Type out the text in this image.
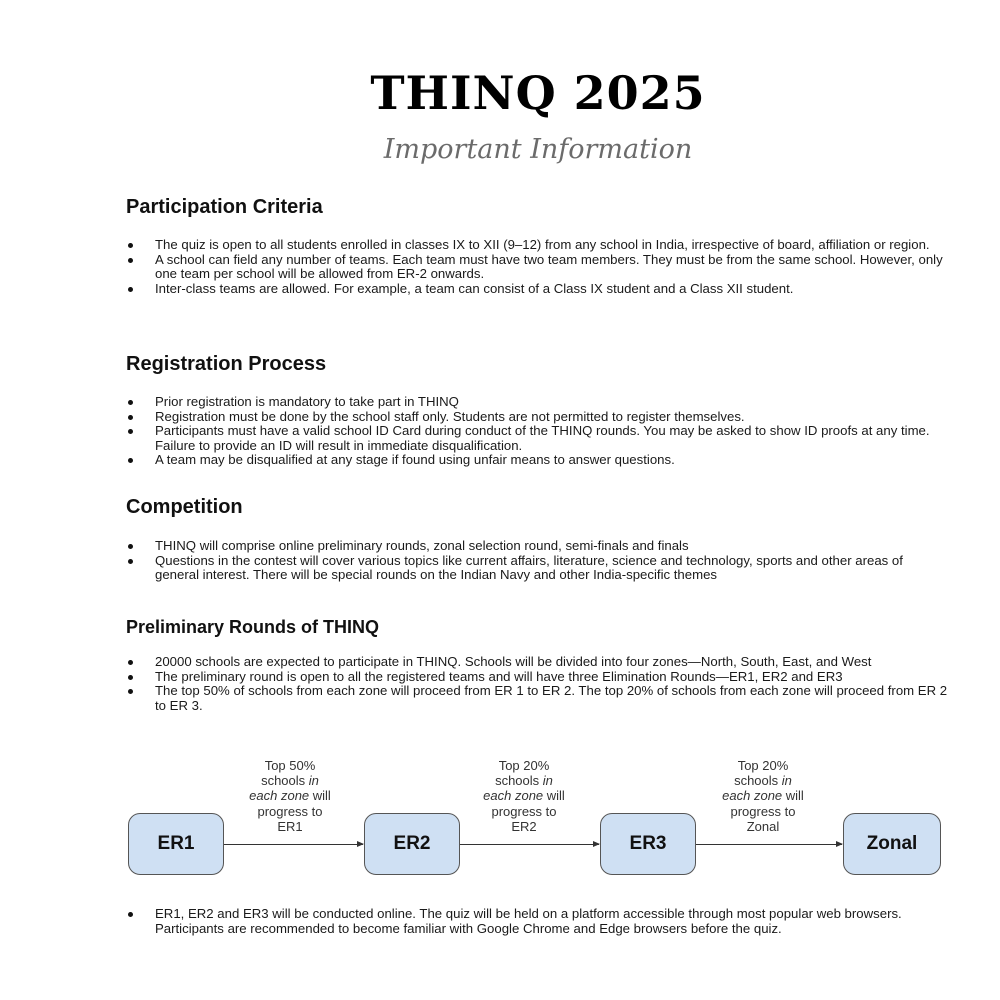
THINQ 2025
Important Information
Participation Criteria
The quiz is open to all students enrolled in classes IX to XII (9–12) from any school in India, irrespective of board, affiliation or region.
A school can field any number of teams. Each team must have two team members. They must be from the same school. However, only one team per school will be allowed from ER-2 onwards.
Inter-class teams are allowed. For example, a team can consist of a Class IX student and a Class XII student.
Registration Process
Prior registration is mandatory to take part in THINQ
Registration must be done by the school staff only. Students are not permitted to register themselves.
Participants must have a valid school ID Card during conduct of the THINQ rounds. You may be asked to show ID proofs at any time. Failure to provide an ID will result in immediate disqualification.
A team may be disqualified at any stage if found using unfair means to answer questions.
Competition
THINQ will comprise online preliminary rounds, zonal selection round, semi-finals and finals
Questions in the contest will cover various topics like current affairs, literature, science and technology, sports and other areas of general interest. There will be special rounds on the Indian Navy and other India-specific themes
Preliminary Rounds of THINQ
20000 schools are expected to participate in THINQ. Schools will be divided into four zones—North, South, East, and West
The preliminary round is open to all the registered teams and will have three Elimination Rounds—ER1, ER2 and ER3
The top 50% of schools from each zone will proceed from ER 1 to ER 2. The top 20% of schools from each zone will proceed from ER 2 to ER 3.
Top 50%
schools in
each zone will
progress to
ER1
Top 20%
schools in
each zone will
progress to
ER2
Top 20%
schools in
each zone will
progress to
Zonal
ER1	ER2	ER3	Zonal
ER1, ER2 and ER3 will be conducted online. The quiz will be held on a platform accessible through most popular web browsers. Participants are recommended to become familiar with Google Chrome and Edge browsers before the quiz.
